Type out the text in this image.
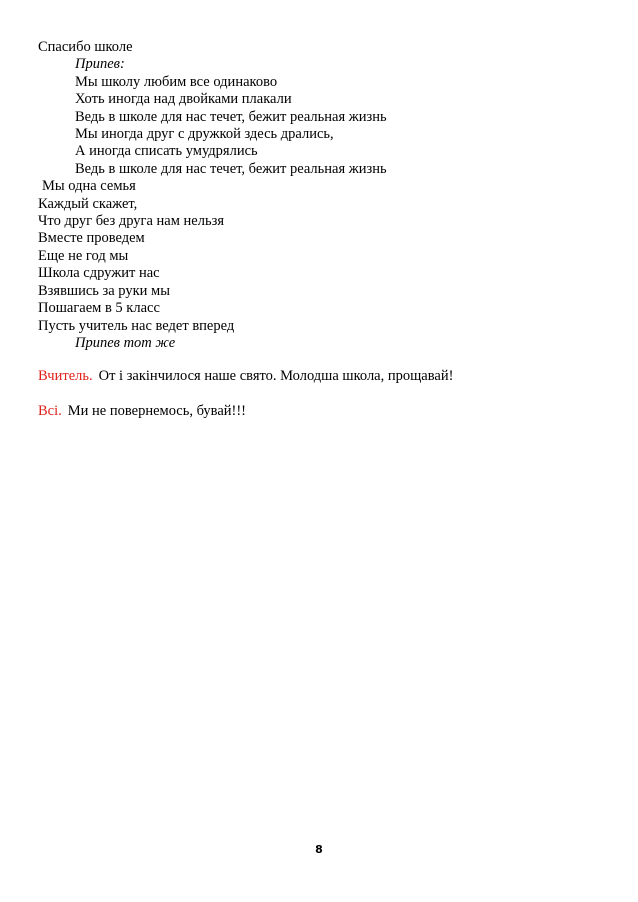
Спасибо школе
Припев:
Мы школу любим все одинаково
Хоть иногда над двойками плакали
Ведь в школе для нас течет, бежит реальная жизнь
Мы иногда друг с дружкой здесь дрались,
А иногда списать умудрялись
Ведь в школе для нас течет, бежит реальная жизнь
Мы одна семья
Каждый скажет,
Что друг без друга нам нельзя
Вместе проведем
Еще не год мы
Школа сдружит нас
Взявшись за руки мы
Пошагаем в 5 класс
Пусть учитель нас ведет вперед
Припев тот же
Вчитель. От і закінчилося наше свято. Молодша школа, прощавай!
Всі. Ми не повернемось, бувай!!!
8
